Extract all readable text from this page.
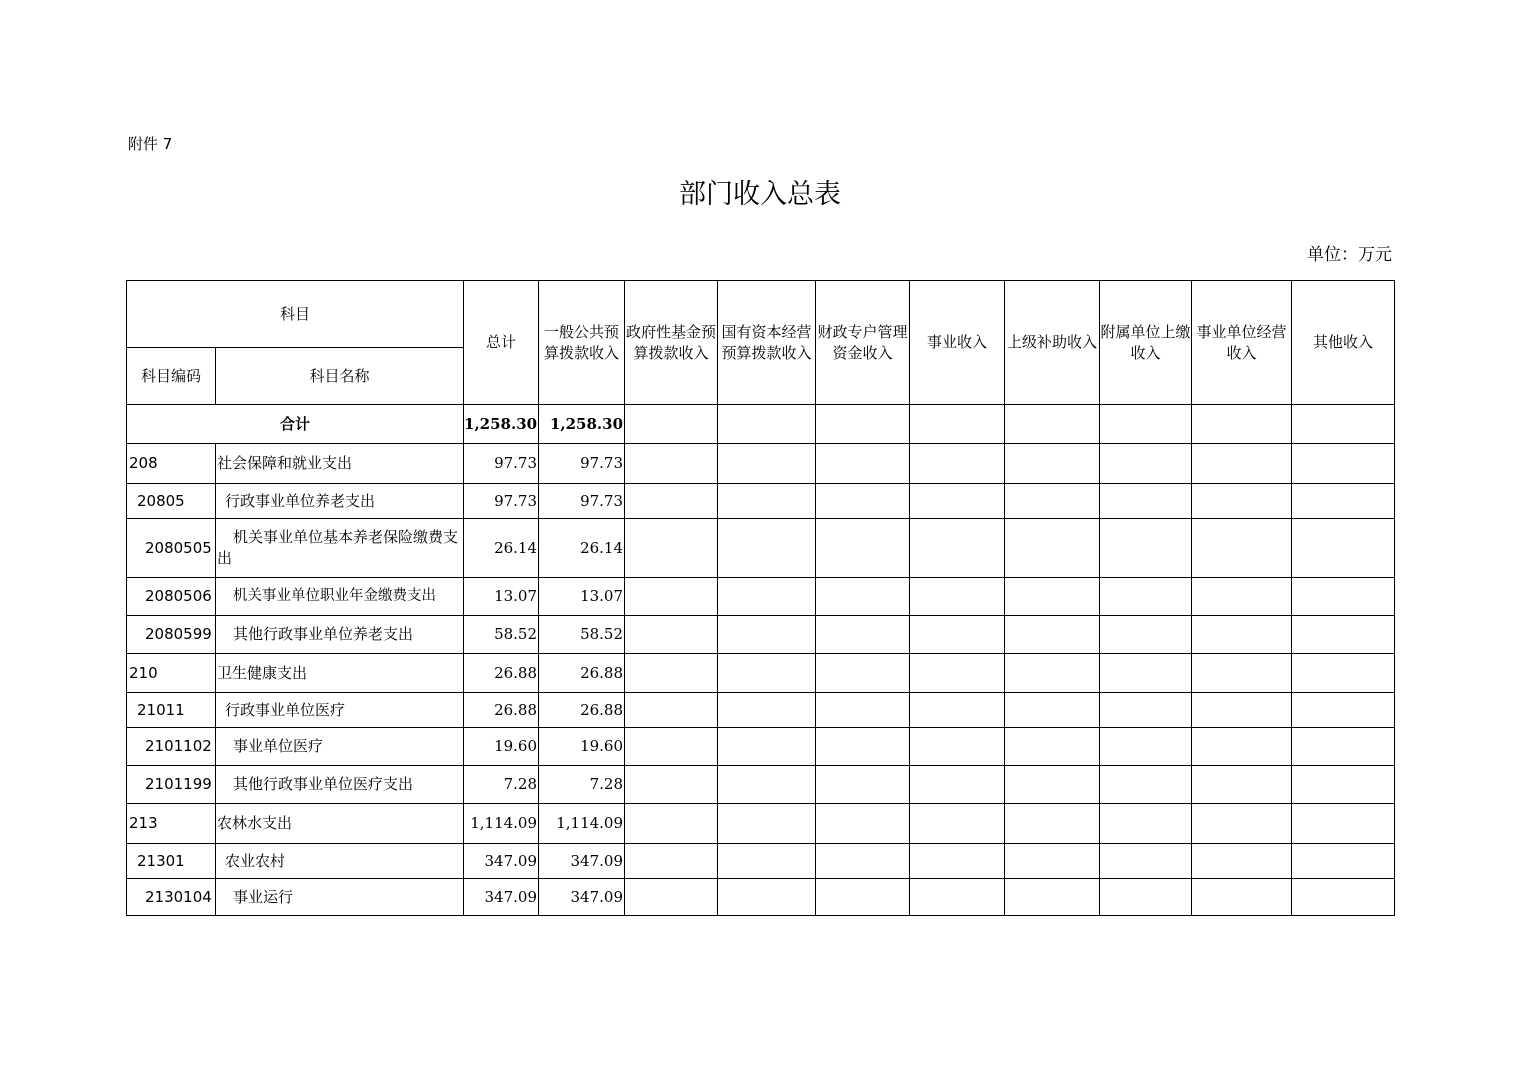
附件 7
部门收入总表
单位：万元
科目		总计	一般公共预算拨款收入	政府性基金预算拨款收入	国有资本经营预算拨款收入	财政专户管理资金收入	事业收入	上级补助收入	附属单位上缴收入	事业单位经营收入	其他收入
科目编码	科目名称										
合计		1,258.30	1,258.30								
208	社会保障和就业支出	97.73	97.73								
20805	行政事业单位养老支出	97.73	97.73								
2080505	机关事业单位基本养老保险缴费支出	26.14	26.14								
2080506	机关事业单位职业年金缴费支出	13.07	13.07								
2080599	其他行政事业单位养老支出	58.52	58.52								
210	卫生健康支出	26.88	26.88								
21011	行政事业单位医疗	26.88	26.88								
2101102	事业单位医疗	19.60	19.60								
2101199	其他行政事业单位医疗支出	7.28	7.28								
213	农林水支出	1,114.09	1,114.09								
21301	农业农村	347.09	347.09								
2130104	事业运行	347.09	347.09								
